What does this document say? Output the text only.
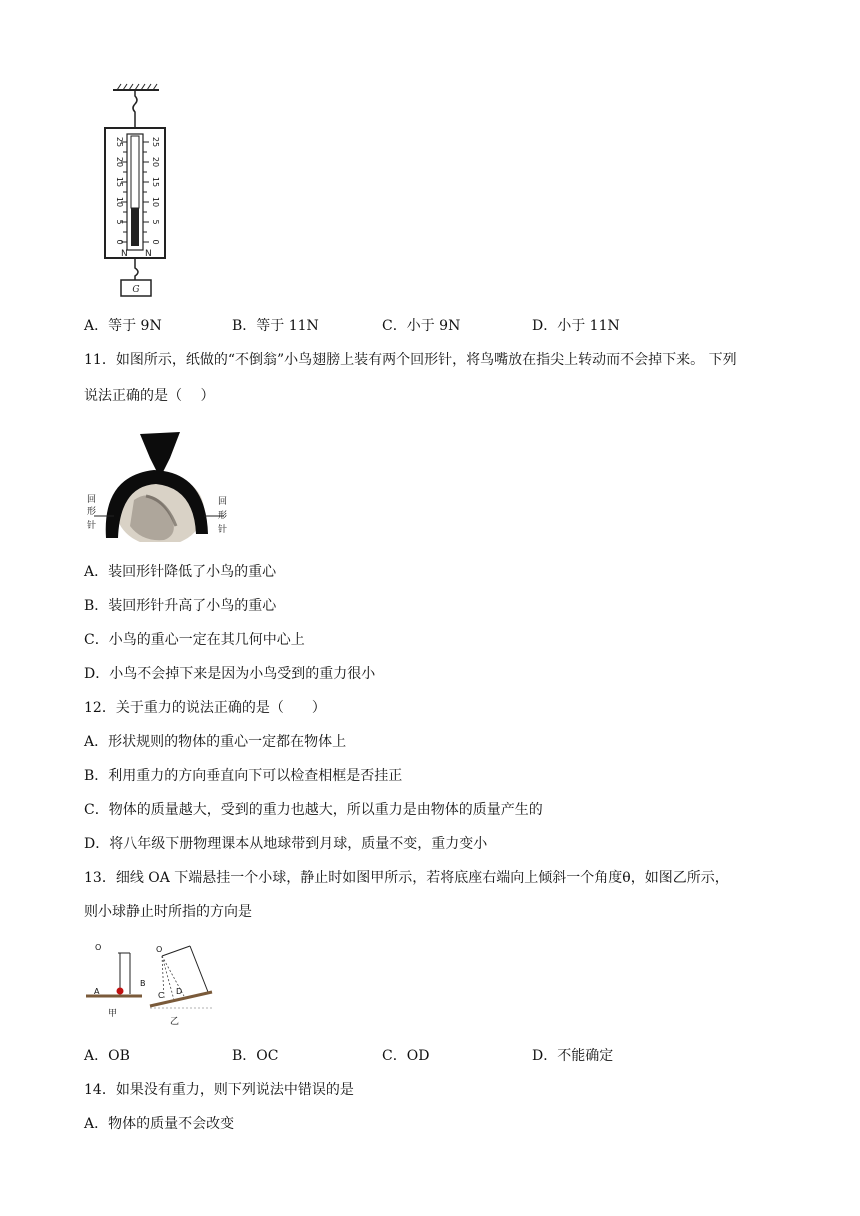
25
20
15
10
5
0
25
20
15
10
5
0
N N
G
A．等于 9N	B．等于 11N	C．小于 9N	D．小于 11N
11．如图所示，纸做的“不倒翁”小鸟翅膀上装有两个回形针，将鸟嘴放在指尖上转动而不会掉下来。 下列
说法正确的是（　 ）
回
形
针
回
形
针
A．装回形针降低了小鸟的重心
B．装回形针升高了小鸟的重心
C．小鸟的重心一定在其几何中心上
D．小鸟不会掉下来是因为小鸟受到的重力很小
12．关于重力的说法正确的是（　　）
A．形状规则的物体的重心一定都在物体上
B．利用重力的方向垂直向下可以检查相框是否挂正
C．物体的质量越大，受到的重力也越大，所以重力是由物体的质量产生的
D．将八年级下册物理课本从地球带到月球，质量不变，重力变小
13．细线 OA 下端悬挂一个小球，静止时如图甲所示，若将底座右端向上倾斜一个角度θ，如图乙所示，
则小球静止时所指的方向是
O
A
甲
O
B
C D
乙
A．OB	B．OC	C．OD	D．不能确定
14．如果没有重力，则下列说法中错误的是
A．物体的质量不会改变
